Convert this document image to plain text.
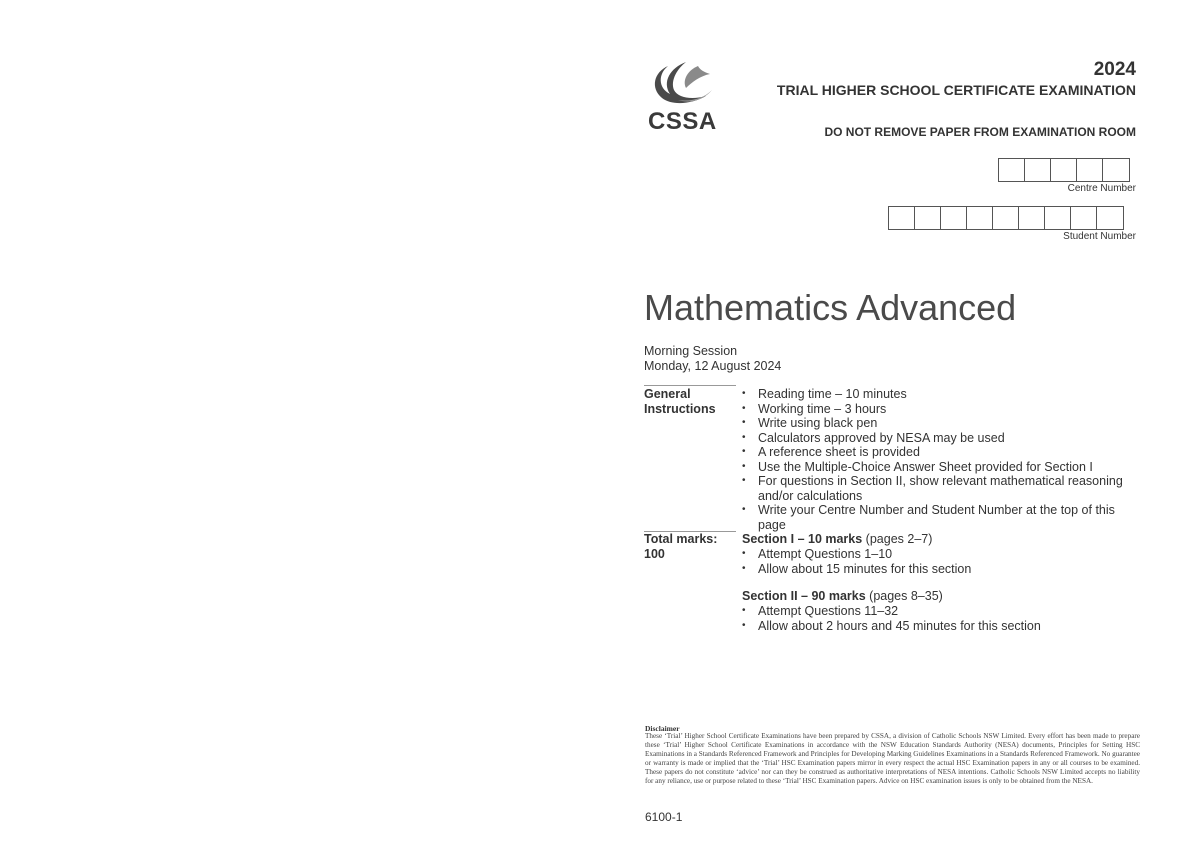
CSSA
2024
TRIAL HIGHER SCHOOL CERTIFICATE EXAMINATION
DO NOT REMOVE PAPER FROM EXAMINATION ROOM
Centre Number
Student Number
Mathematics Advanced
Morning Session
Monday, 12 August 2024
General
Instructions
• Reading time – 10 minutes
• Working time – 3 hours
• Write using black pen
• Calculators approved by NESA may be used
• A reference sheet is provided
• Use the Multiple-Choice Answer Sheet provided for Section I
• For questions in Section II, show relevant mathematical reasoning and/or calculations
• Write your Centre Number and Student Number at the top of this page
Total marks:
100
Section I – 10 marks (pages 2–7)
• Attempt Questions 1–10
• Allow about 15 minutes for this section
Section II – 90 marks (pages 8–35)
• Attempt Questions 11–32
• Allow about 2 hours and 45 minutes for this section
Disclaimer
These ‘Trial’ Higher School Certificate Examinations have been prepared by CSSA, a division of Catholic Schools NSW Limited. Every effort has been made to prepare these ‘Trial’ Higher School Certificate Examinations in accordance with the NSW Education Standards Authority (NESA) documents, Principles for Setting HSC Examinations in a Standards Referenced Framework and Principles for Developing Marking Guidelines Examinations in a Standards Referenced Framework. No guarantee or warranty is made or implied that the ‘Trial’ HSC Examination papers mirror in every respect the actual HSC Examination papers in any or all courses to be examined. These papers do not constitute ‘advice’ nor can they be construed as authoritative interpretations of NESA intentions. Catholic Schools NSW Limited accepts no liability for any reliance, use or purpose related to these ‘Trial’ HSC Examination papers. Advice on HSC examination issues is only to be obtained from the NESA.
6100-1
